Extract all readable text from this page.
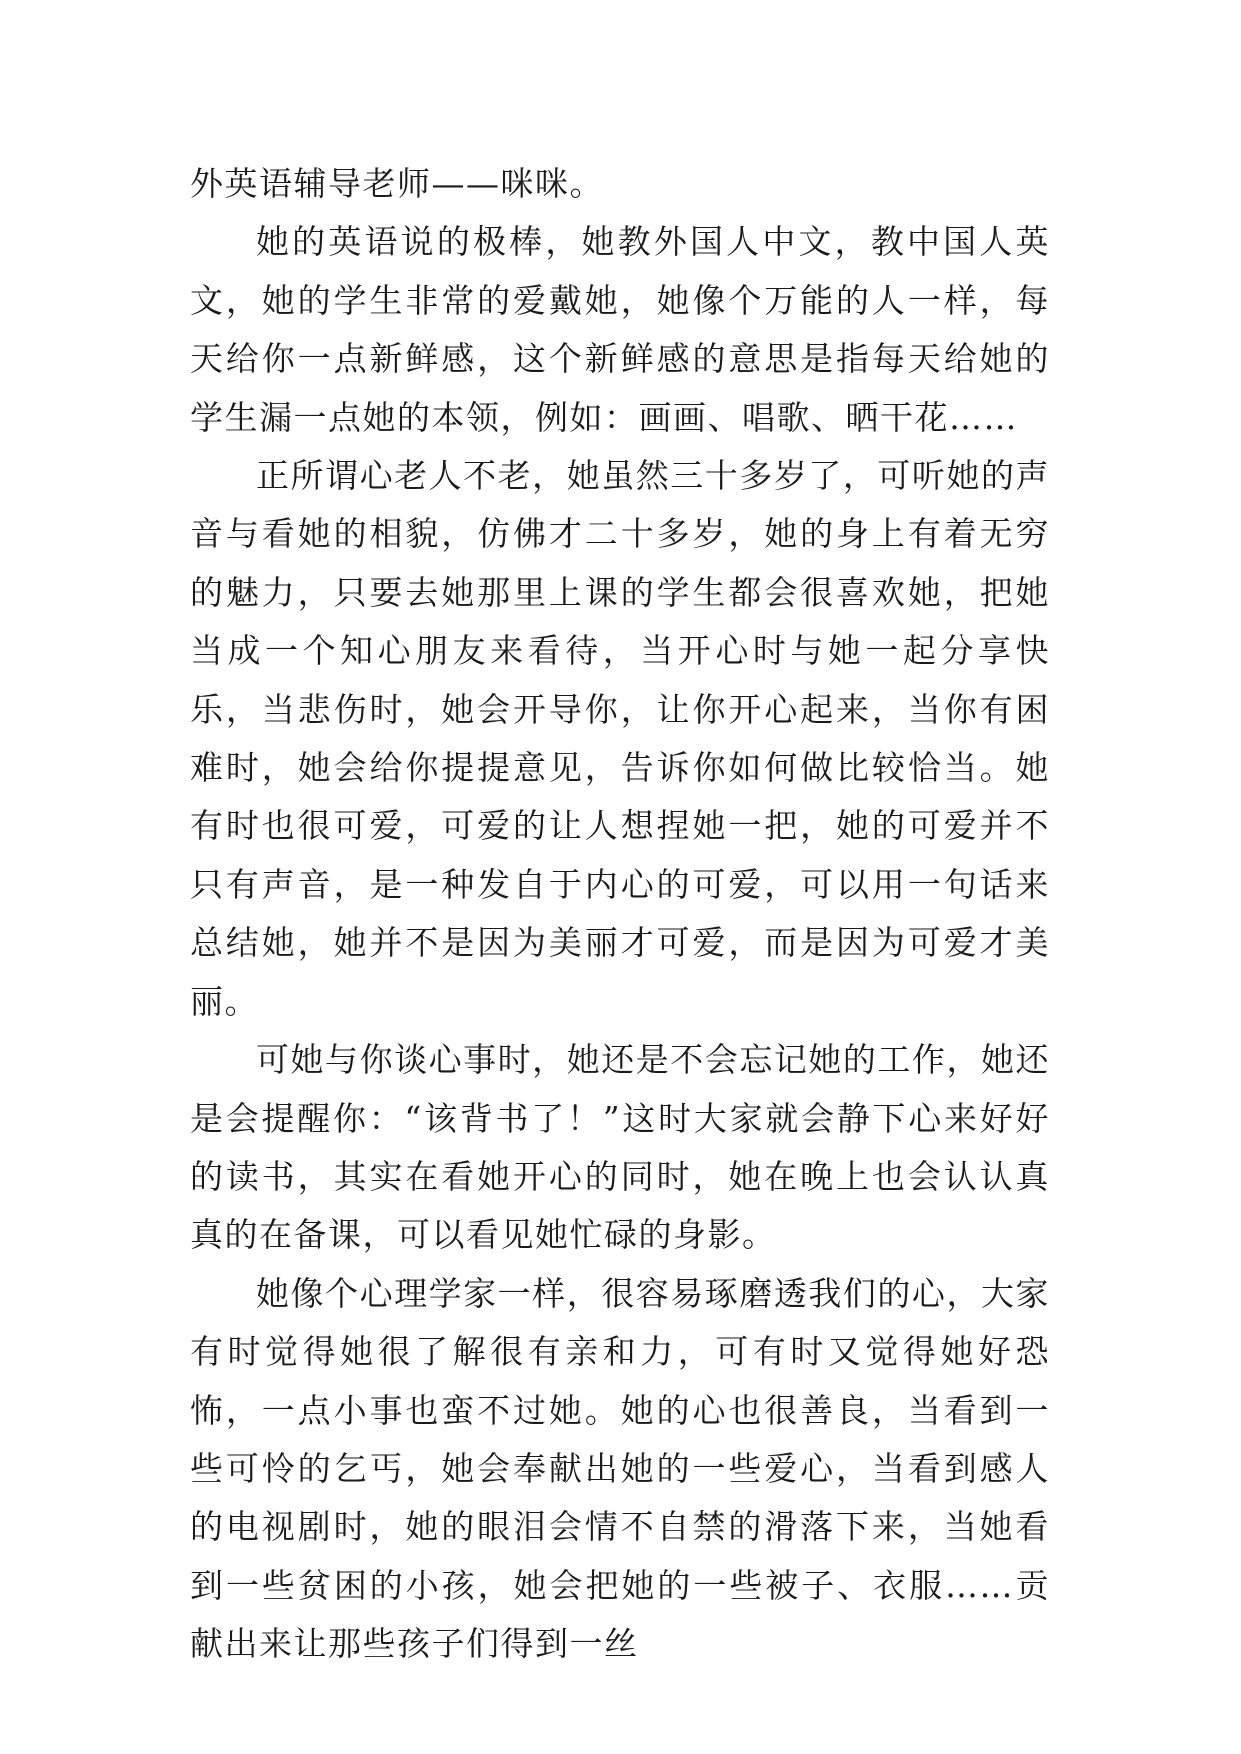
外英语辅导老师——咪咪。

她的英语说的极棒，她教外国人中文，教中国人英文，她的学生非常的爱戴她，她像个万能的人一样，每天给你一点新鲜感，这个新鲜感的意思是指每天给她的学生漏一点她的本领，例如：画画、唱歌、晒干花……

正所谓心老人不老，她虽然三十多岁了，可听她的声音与看她的相貌，仿佛才二十多岁，她的身上有着无穷的魅力，只要去她那里上课的学生都会很喜欢她，把她当成一个知心朋友来看待，当开心时与她一起分享快乐，当悲伤时，她会开导你，让你开心起来，当你有困难时，她会给你提提意见，告诉你如何做比较恰当。她有时也很可爱，可爱的让人想捏她一把，她的可爱并不只有声音，是一种发自于内心的可爱，可以用一句话来总结她，她并不是因为美丽才可爱，而是因为可爱才美丽。

可她与你谈心事时，她还是不会忘记她的工作，她还是会提醒你：“该背书了！”这时大家就会静下心来好好的读书，其实在看她开心的同时，她在晚上也会认认真真的在备课，可以看见她忙碌的身影。

她像个心理学家一样，很容易琢磨透我们的心，大家有时觉得她很了解很有亲和力，可有时又觉得她好恐怖，一点小事也蛮不过她。她的心也很善良，当看到一些可怜的乞丐，她会奉献出她的一些爱心，当看到感人的电视剧时，她的眼泪会情不自禁的滑落下来，当她看到一些贫困的小孩，她会把她的一些被子、衣服……贡献出来让那些孩子们得到一丝
